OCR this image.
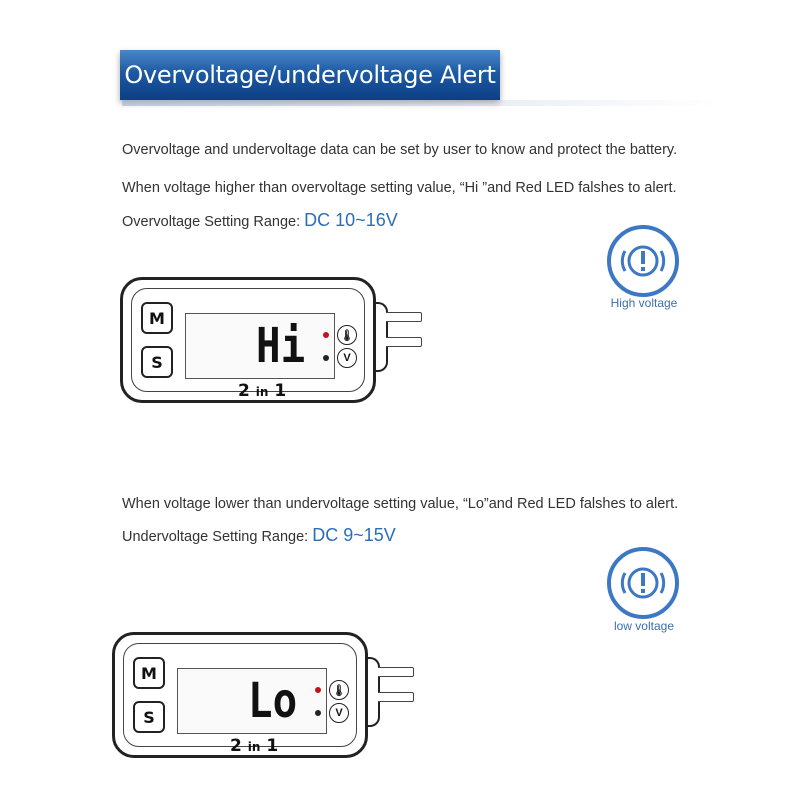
Overvoltage/undervoltage Alert
Overvoltage and undervoltage data can be set by user to know and protect the battery.
When voltage higher than overvoltage setting value, “Hi ”and Red LED falshes to alert.
Overvoltage Setting Range: DC 10~16V
High voltage
M
S Hi	🌡
V
2 in 1
When voltage lower than undervoltage setting value, “Lo”and Red LED falshes to alert.
Undervoltage Setting Range: DC 9~15V
low voltage
M
S Lo	🌡
V
2 in 1
